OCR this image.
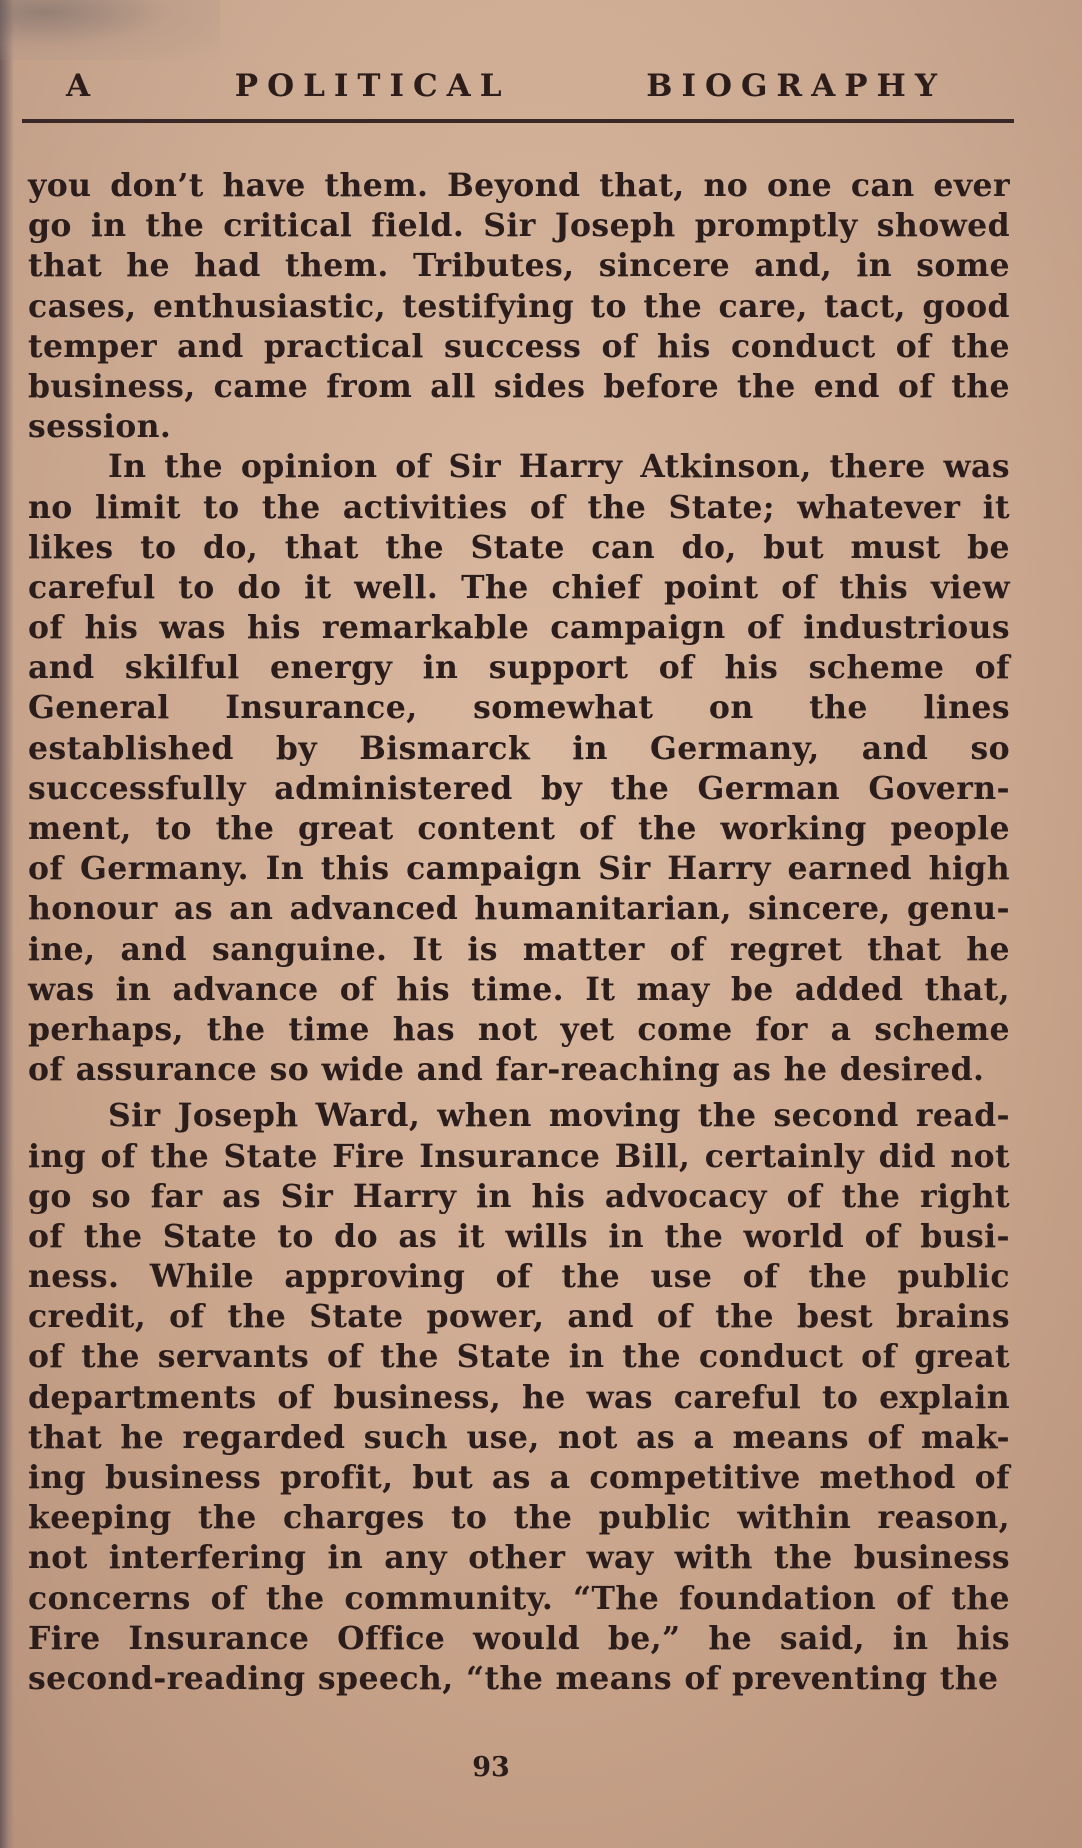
A	POLITICAL	BIOGRAPHY
you don’t have them. Beyond that, no one can ever
go in the critical field. Sir Joseph promptly showed
that he had them. Tributes, sincere and, in some
cases, enthusiastic, testifying to the care, tact, good
temper and practical success of his conduct of the
business, came from all sides before the end of the
session.
In the opinion of Sir Harry Atkinson, there was
no limit to the activities of the State; whatever it
likes to do, that the State can do, but must be
careful to do it well. The chief point of this view
of his was his remarkable campaign of industrious
and skilful energy in support of his scheme of
General Insurance, somewhat on the lines
established by Bismarck in Germany, and so
successfully administered by the German Govern-
ment, to the great content of the working people
of Germany. In this campaign Sir Harry earned high
honour as an advanced humanitarian, sincere, genu-
ine, and sanguine. It is matter of regret that he
was in advance of his time. It may be added that,
perhaps, the time has not yet come for a scheme
of assurance so wide and far-reaching as he desired.
Sir Joseph Ward, when moving the second read-
ing of the State Fire Insurance Bill, certainly did not
go so far as Sir Harry in his advocacy of the right
of the State to do as it wills in the world of busi-
ness. While approving of the use of the public
credit, of the State power, and of the best brains
of the servants of the State in the conduct of great
departments of business, he was careful to explain
that he regarded such use, not as a means of mak-
ing business profit, but as a competitive method of
keeping the charges to the public within reason,
not interfering in any other way with the business
concerns of the community. “The foundation of the
Fire Insurance Office would be,” he said, in his
second-reading speech, “the means of preventing the
93
